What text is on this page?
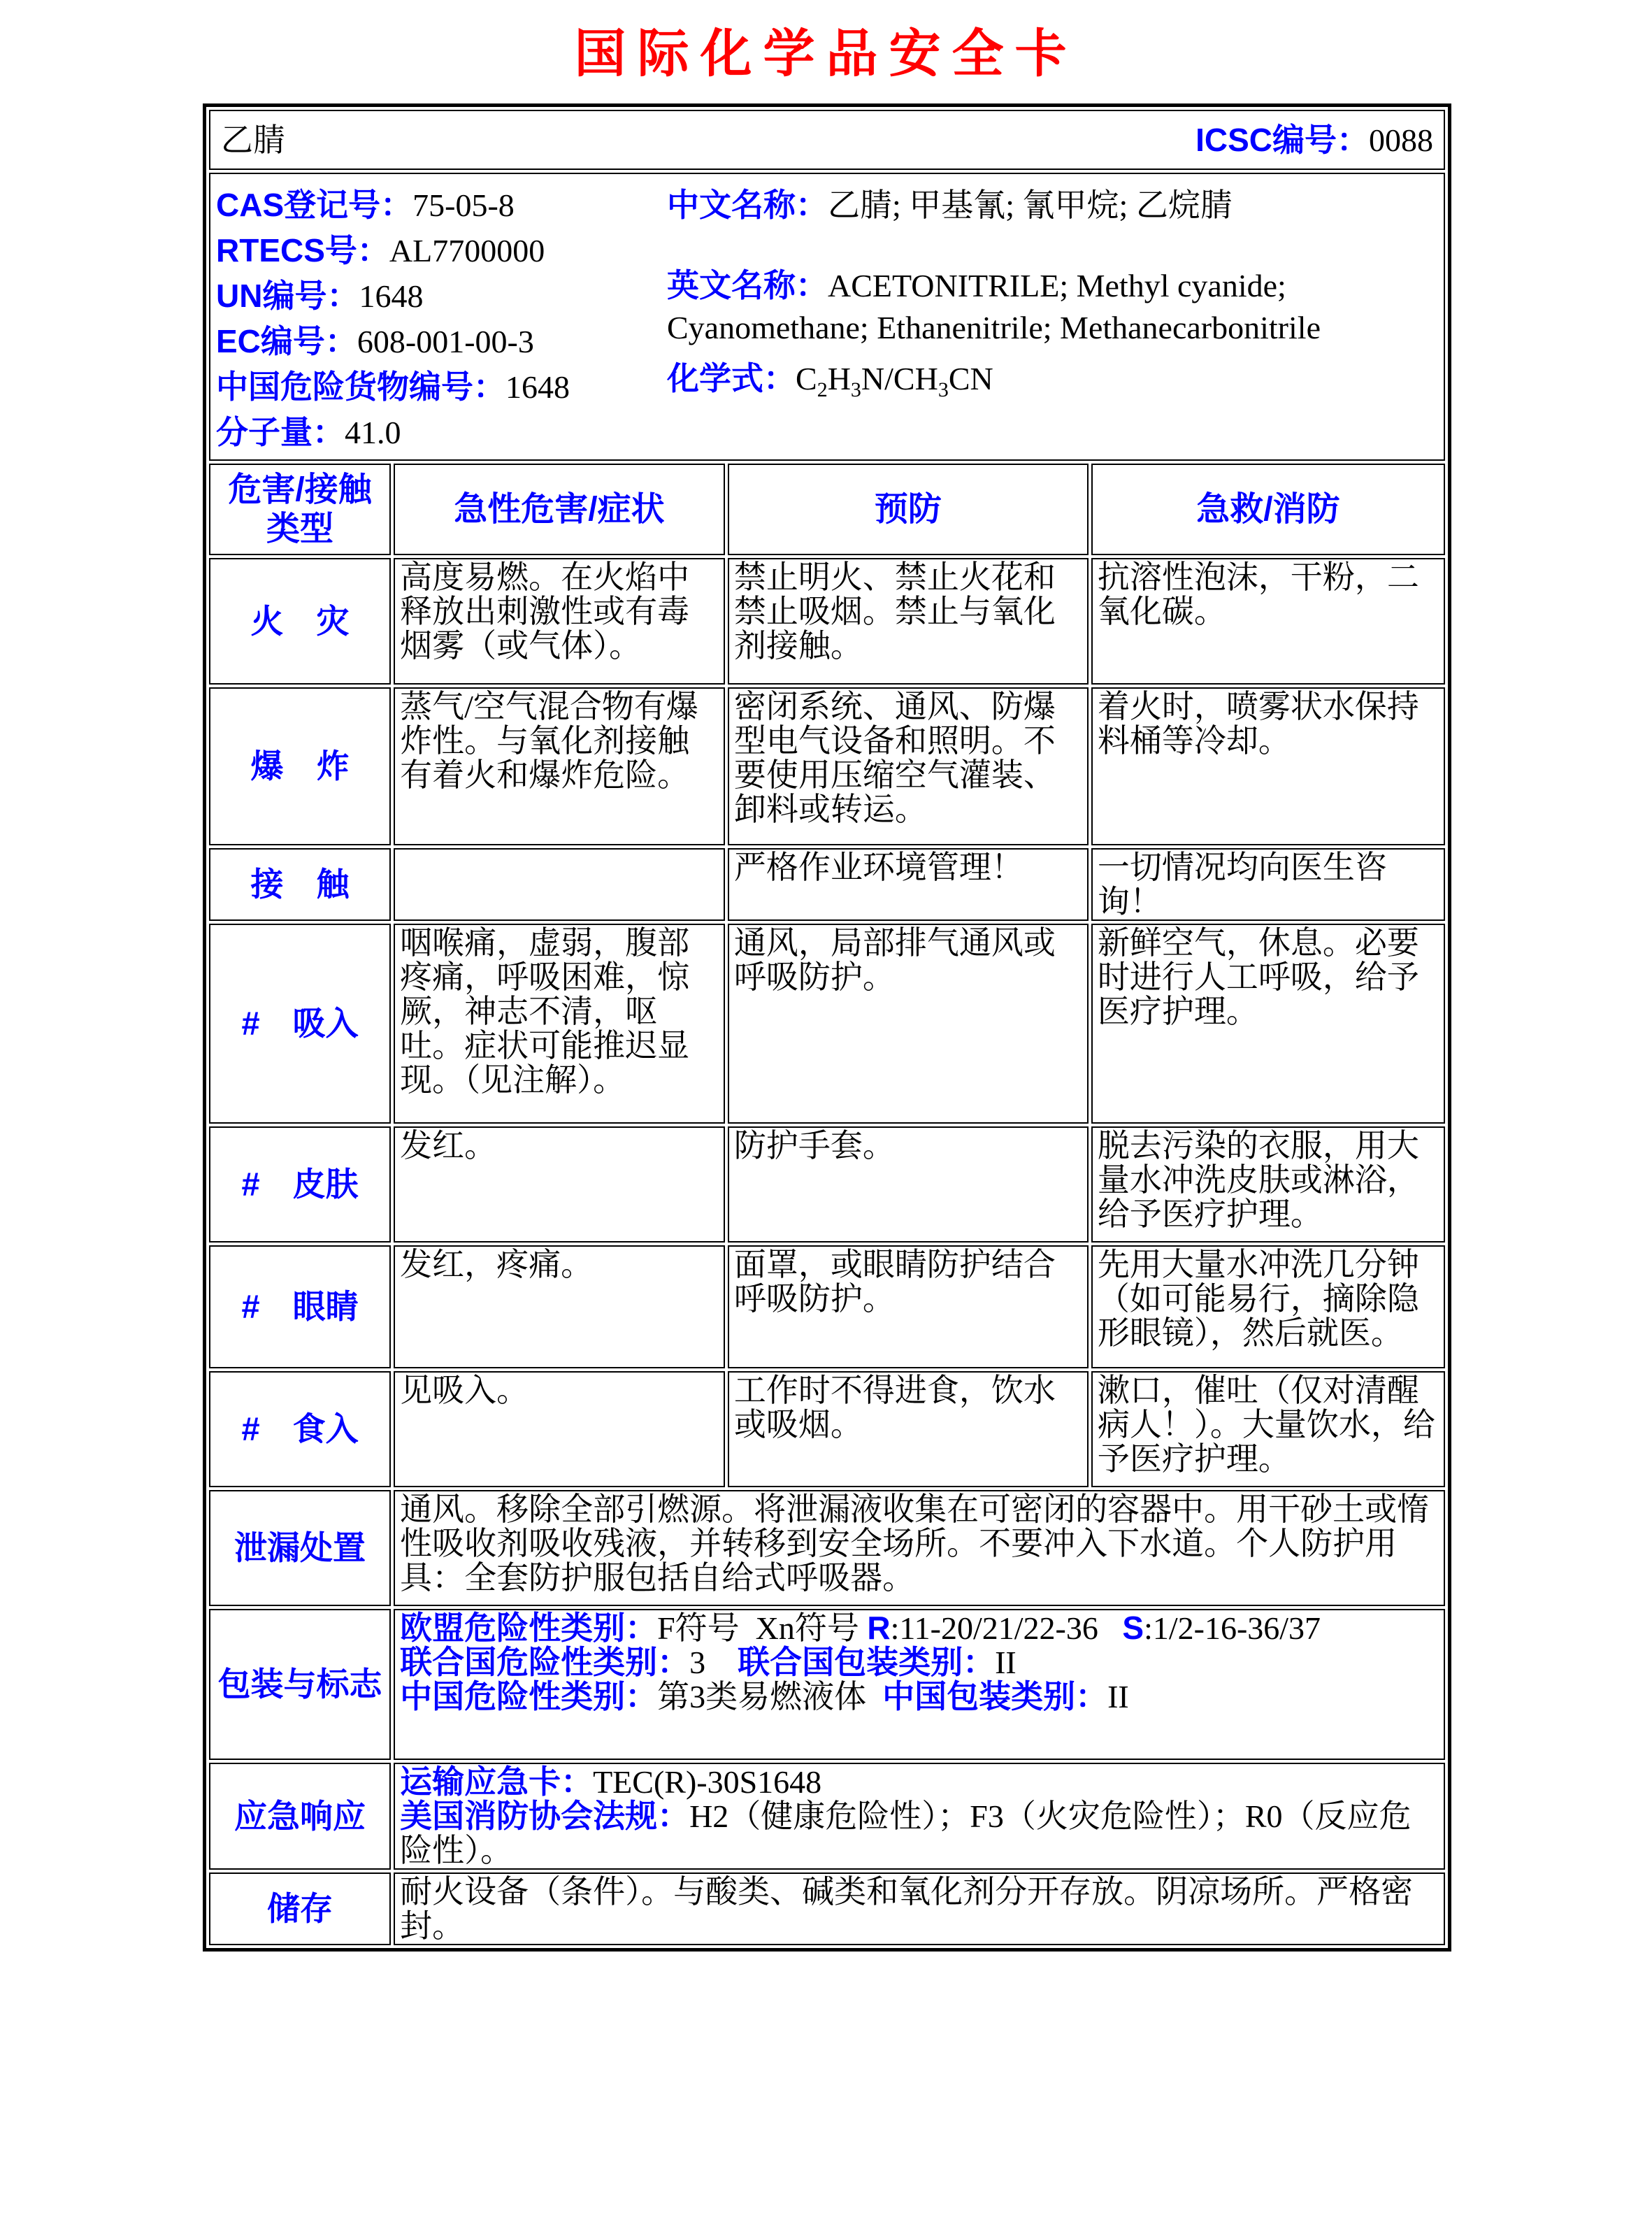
国际化学品安全卡
乙腈 ICSC编号：0088			

CAS登记号：75-05-8
RTECS号：AL7700000
UN编号：1648
EC编号：608-001-00-3
中国危险货物编号：1648
分子量：41.0
中文名称：乙腈; 甲基氰; 氰甲烷; 乙烷腈
英文名称：ACETONITRILE; Methyl cyanide; Cyanomethane; Ethanenitrile; Methanecarbonitrile
化学式：$C_2H_3N/CH_3CN$

危害/接触类型	急性危害/症状	预防	急救/消防
火　灾	高度易燃。在火焰中释放出刺激性或有毒烟雾（或气体）。	禁止明火、禁止火花和禁止吸烟。禁止与氧化剂接触。	抗溶性泡沫，干粉，二氧化碳。
爆　炸	蒸气/空气混合物有爆炸性。与氧化剂接触有着火和爆炸危险。	密闭系统、通风、防爆型电气设备和照明。不要使用压缩空气灌装、卸料或转运。	着火时，喷雾状水保持料桶等冷却。
接　触		严格作业环境管理！	一切情况均向医生咨询！
#　吸入	咽喉痛，虚弱，腹部疼痛，呼吸困难，惊厥，神志不清，呕吐。症状可能推迟显现。（见注解）。	通风，局部排气通风或呼吸防护。	新鲜空气，休息。必要时进行人工呼吸，给予医疗护理。
#　皮肤	发红。	防护手套。	脱去污染的衣服，用大量水冲洗皮肤或淋浴，给予医疗护理。
#　眼睛	发红，疼痛。	面罩，或眼睛防护结合呼吸防护。	先用大量水冲洗几分钟（如可能易行，摘除隐形眼镜），然后就医。
#　食入	见吸入。	工作时不得进食，饮水或吸烟。	漱口，催吐（仅对清醒病人！）。大量饮水，给予医疗护理。
泄漏处置	通风。移除全部引燃源。将泄漏液收集在可密闭的容器中。用干砂土或惰性吸收剂吸收残液，并转移到安全场所。不要冲入下水道。个人防护用具：全套防护服包括自给式呼吸器。		
包装与标志	欧盟危险性类别：F符号  Xn符号 R:11-20/21/22-36   S:1/2-16-36/37
联合国危险性类别：3    联合国包装类别：II
中国危险性类别：第3类易燃液体  中国包装类别：II		

应急响应	运输应急卡：TEC(R)-30S1648
美国消防协会法规：H2（健康危险性）；F3（火灾危险性）；R0（反应危险性）。		

储存	耐火设备（条件）。与酸类、碱类和氧化剂分开存放。阴凉场所。严格密封。		
